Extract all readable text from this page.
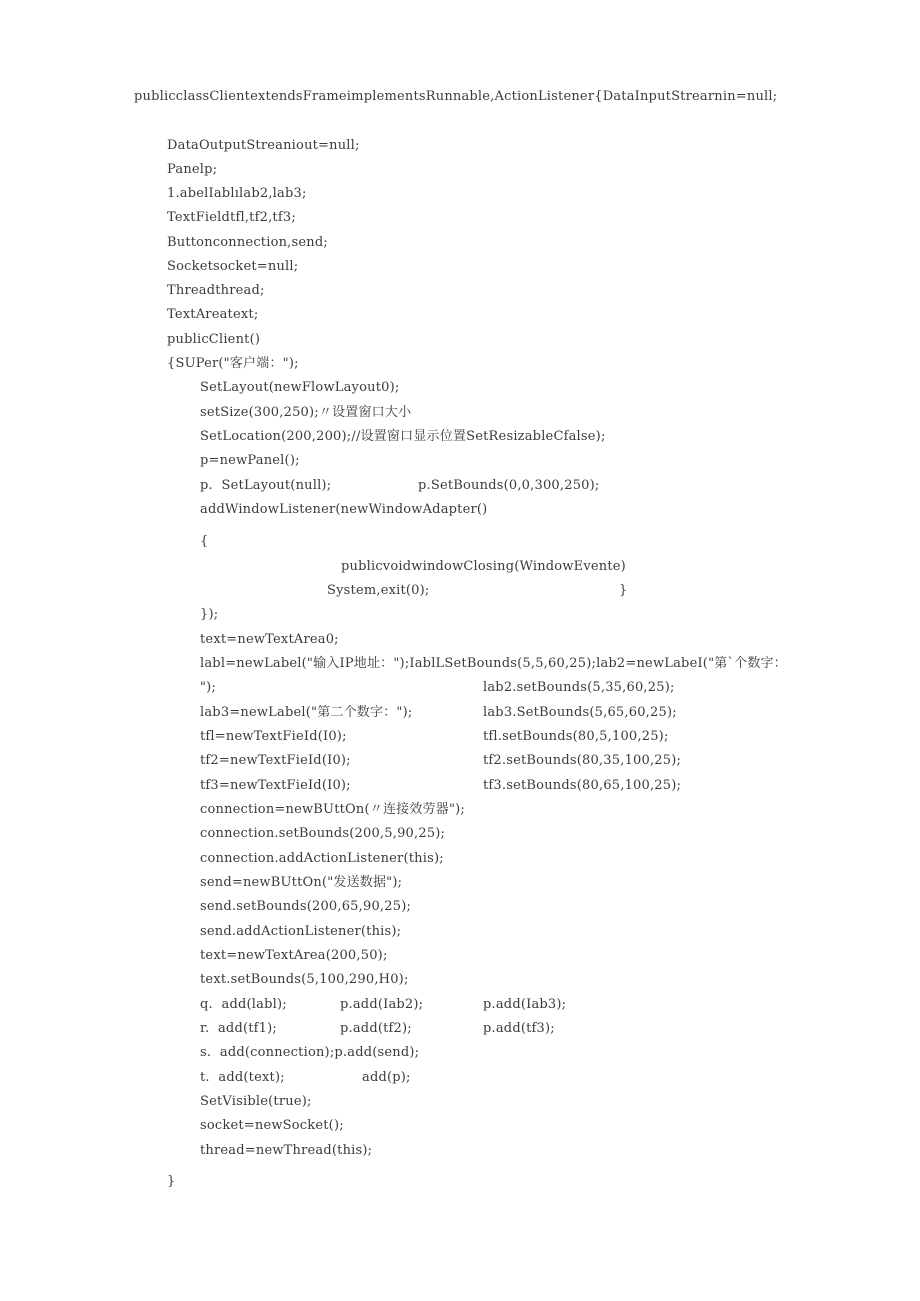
publicclassClientextendsFrameimplementsRunnable,ActionListener{DataInputStrearnin=null;
DataOutputStreaniout=null;
Panelp;
1.abelIablılab2,lab3;
TextFieldtfl,tf2,tf3;
Buttonconnection,send;
Socketsocket=null;
Threadthread;
TextAreatext;
publicClient()
{SUPer("客户端：");
SetLayout(newFlowLayout0);
setSize(300,250);〃设置窗口大小
SetLocation(200,200);//设置窗口显示位置SetResizableCfalse);
p=newPanel();
p.  SetLayout(null);	p.SetBounds(0,0,300,250);
addWindowListener(newWindowAdapter()
{
publicvoidwindowClosing(WindowEvente)
System,exit(0);	}
});
text=newTextArea0;
labl=newLabel("输入IP地址：");IablLSetBounds(5,5,60,25);lab2=newLabeI("第`个数字：
");	lab2.setBounds(5,35,60,25);
lab3=newLabel("第二个数字：");	lab3.SetBounds(5,65,60,25);
tfl=newTextFieId(I0);	tfl.setBounds(80,5,100,25);
tf2=newTextFieId(I0);	tf2.setBounds(80,35,100,25);
tf3=newTextFieId(I0);	tf3.setBounds(80,65,100,25);
connection=newBUttOn(〃连接效劳器");
connection.setBounds(200,5,90,25);
connection.addActionListener(this);
send=newBUttOn("发送数据");
send.setBounds(200,65,90,25);
send.addActionListener(this);
text=newTextArea(200,50);
text.setBounds(5,100,290,H0);
q.  add(labl);	p.add(Iab2);	p.add(Iab3);
r.  add(tf1);	p.add(tf2);	p.add(tf3);
s.  add(connection);p.add(send);
t.  add(text);	add(p);
SetVisible(true);
socket=newSocket();
thread=newThread(this);
}
